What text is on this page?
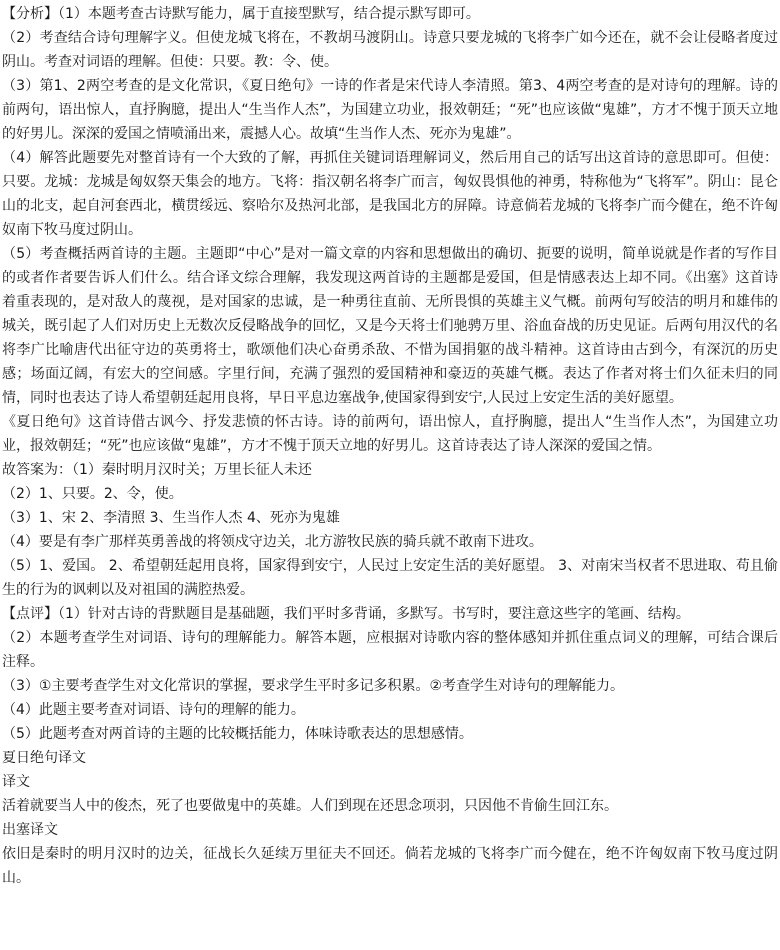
【分析】（1）本题考查古诗默写能力，属于直接型默写，结合提示默写即可。

（2）考查结合诗句理解字义。但使龙城飞将在，不教胡马渡阴山。诗意只要龙城的飞将李广如今还在，就不会让侵略者度过阴山。考查对词语的理解。但使：只要。教：令、使。

（3）第1、2两空考查的是文化常识，《夏日绝句》一诗的作者是宋代诗人李清照。第3、4两空考查的是对诗句的理解。诗的前两句，语出惊人，直抒胸臆，提出人“生当作人杰”，为国建立功业，报效朝廷；“死”也应该做“鬼雄”，方才不愧于顶天立地的好男儿。深深的爱国之情喷涌出来，震撼人心。故填“生当作人杰、死亦为鬼雄”。

（4）解答此题要先对整首诗有一个大致的了解，再抓住关键词语理解词义，然后用自己的话写出这首诗的意思即可。但使：只要。龙城：龙城是匈奴祭天集会的地方。飞将：指汉朝名将李广而言，匈奴畏惧他的神勇，特称他为“飞将军”。阴山：昆仑山的北支，起自河套西北，横贯绥远、察哈尔及热河北部，是我国北方的屏障。诗意倘若龙城的飞将李广而今健在，绝不许匈奴南下牧马度过阴山。

（5）考查概括两首诗的主题。主题即“中心”是对一篇文章的内容和思想做出的确切、扼要的说明，简单说就是作者的写作目的或者作者要告诉人们什么。结合译文综合理解，我发现这两首诗的主题都是爱国，但是情感表达上却不同。《出塞》这首诗着重表现的，是对敌人的蔑视，是对国家的忠诚，是一种勇往直前、无所畏惧的英雄主义气概。前两句写皎洁的明月和雄伟的城关，既引起了人们对历史上无数次反侵略战争的回忆，又是今天将士们驰骋万里、浴血奋战的历史见证。后两句用汉代的名将李广比喻唐代出征守边的英勇将士，歌颂他们决心奋勇杀敌、不惜为国捐躯的战斗精神。这首诗由古到今，有深沉的历史感；场面辽阔，有宏大的空间感。字里行间，充满了强烈的爱国精神和豪迈的英雄气概。表达了作者对将士们久征未归的同情，同时也表达了诗人希望朝廷起用良将，早日平息边塞战争,使国家得到安宁,人民过上安定生活的美好愿望。

《夏日绝句》这首诗借古讽今、抒发悲愤的怀古诗。诗的前两句，语出惊人，直抒胸臆，提出人“生当作人杰”，为国建立功业，报效朝廷；“死”也应该做“鬼雄”，方才不愧于顶天立地的好男儿。这首诗表达了诗人深深的爱国之情。

故答案为：（1）秦时明月汉时关；万里长征人未还

（2）1、只要。2、令，使。

（3）1、宋 2、李清照 3、生当作人杰 4、死亦为鬼雄

（4）要是有李广那样英勇善战的将领戍守边关，北方游牧民族的骑兵就不敢南下进攻。

（5）1、爱国。 2、希望朝廷起用良将，国家得到安宁，人民过上安定生活的美好愿望。 3、对南宋当权者不思进取、苟且偷生的行为的讽刺以及对祖国的满腔热爱。

【点评】（1）针对古诗的背默题目是基础题，我们平时多背诵，多默写。书写时，要注意这些字的笔画、结构。

（2）本题考查学生对词语、诗句的理解能力。解答本题，应根据对诗歌内容的整体感知并抓住重点词义的理解，可结合课后注释。

（3）①主要考查学生对文化常识的掌握，要求学生平时多记多积累。②考查学生对诗句的理解能力。

（4）此题主要考查对词语、诗句的理解的能力。

（5）此题考查对两首诗的主题的比较概括能力，体味诗歌表达的思想感情。

夏日绝句译文

译文

活着就要当人中的俊杰，死了也要做鬼中的英雄。人们到现在还思念项羽，只因他不肯偷生回江东。

出塞译文

依旧是秦时的明月汉时的边关，征战长久延续万里征夫不回还。倘若龙城的飞将李广而今健在，绝不许匈奴南下牧马度过阴山。
